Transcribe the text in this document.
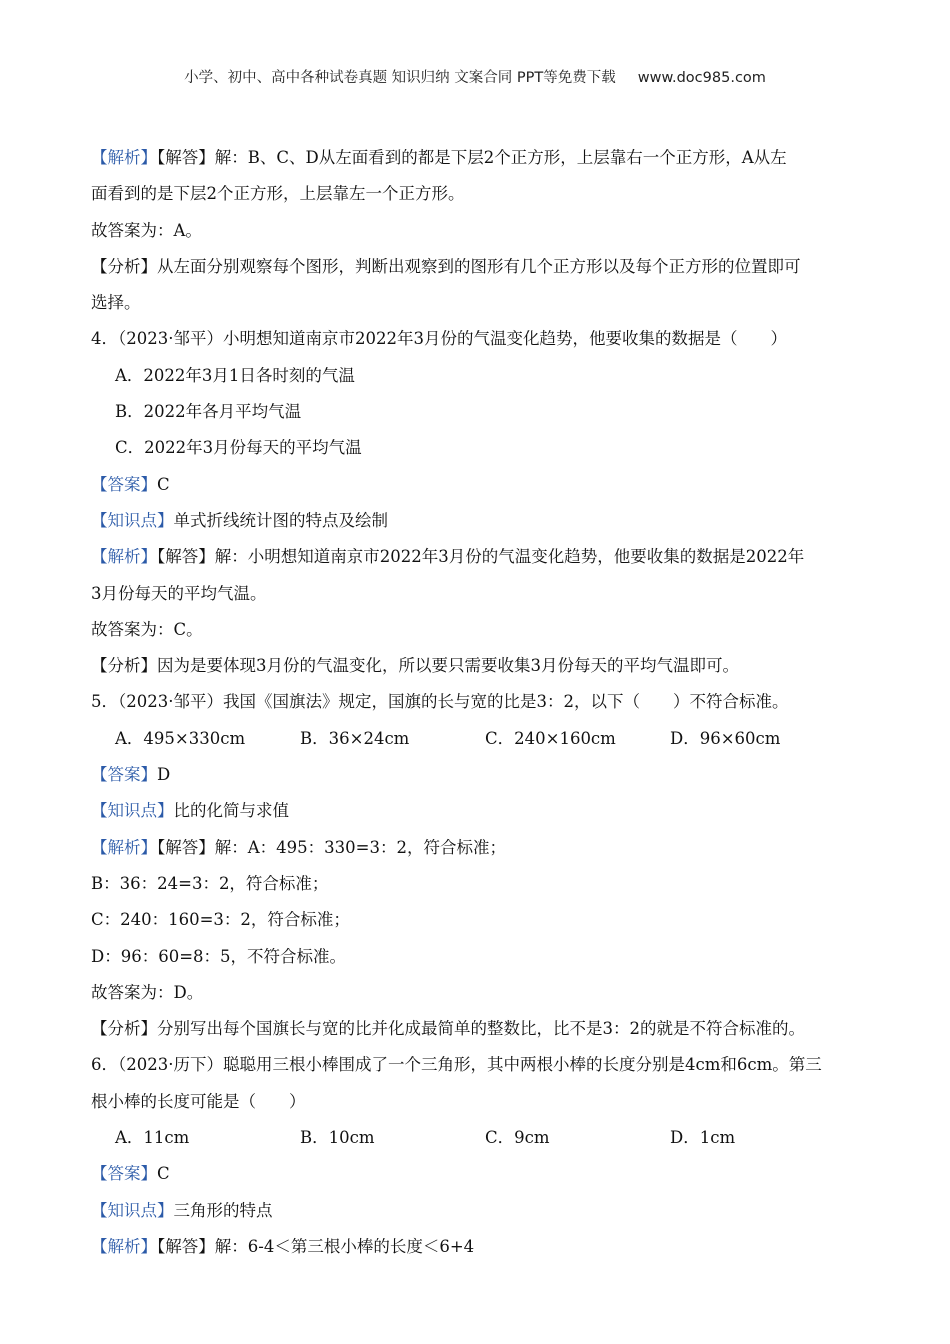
小学、初中、高中各种试卷真题 知识归纳 文案合同 PPT等免费下载 www.doc985.com
【解析】【解答】解：B、C、D从左面看到的都是下层2个正方形，上层靠右一个正方形，A从左
面看到的是下层2个正方形，上层靠左一个正方形。
故答案为：A。
【分析】从左面分别观察每个图形，判断出观察到的图形有几个正方形以及每个正方形的位置即可
选择。
4．（2023·邹平）小明想知道南京市2022年3月份的气温变化趋势，他要收集的数据是（　　）
A．2022年3月1日各时刻的气温
B．2022年各月平均气温
C．2022年3月份每天的平均气温
【答案】C
【知识点】单式折线统计图的特点及绘制
【解析】【解答】解：小明想知道南京市2022年3月份的气温变化趋势，他要收集的数据是2022年
3月份每天的平均气温。
故答案为：C。
【分析】因为是要体现3月份的气温变化，所以要只需要收集3月份每天的平均气温即可。
5．（2023·邹平）我国《国旗法》规定，国旗的长与宽的比是3：2，以下（　　）不符合标准。
A．495×330cm	B．36×24cm	C．240×160cm	D．96×60cm
【答案】D
【知识点】比的化简与求值
【解析】【解答】解：A：495：330=3：2，符合标准；
B：36：24=3：2，符合标准；
C：240：160=3：2，符合标准；
D：96：60=8：5，不符合标准。
故答案为：D。
【分析】分别写出每个国旗长与宽的比并化成最简单的整数比，比不是3：2的就是不符合标准的。
6．（2023·历下）聪聪用三根小棒围成了一个三角形，其中两根小棒的长度分别是4cm和6cm。第三
根小棒的长度可能是（　　）
A．11cm	B．10cm	C．9cm	D．1cm
【答案】C
【知识点】三角形的特点
【解析】【解答】解：6-4＜第三根小棒的长度＜6+4
